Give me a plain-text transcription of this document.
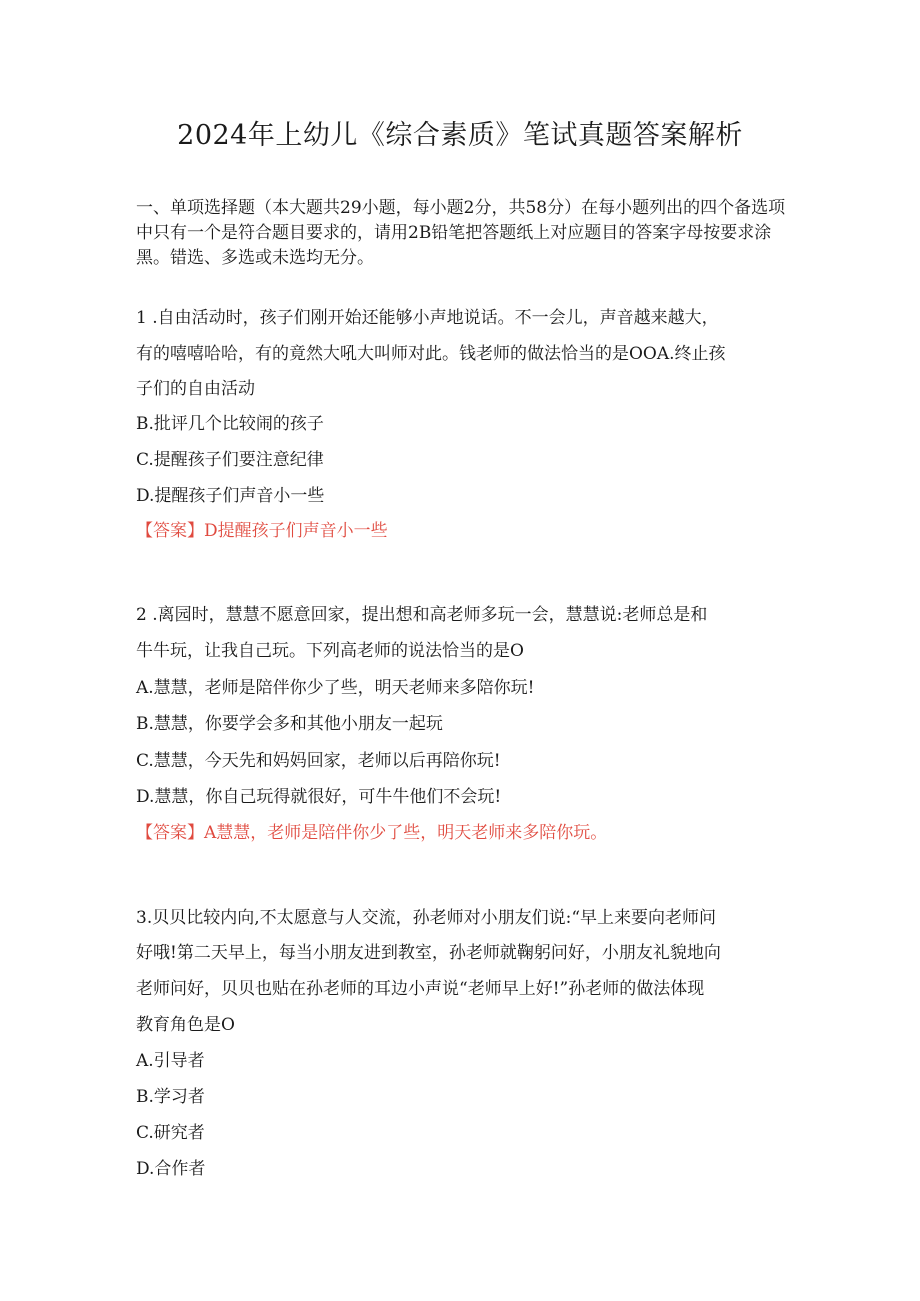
2024年上幼儿《综合素质》笔试真题答案解析
一、单项选择题（本大题共29小题，每小题2分，共58分）在每小题列出的四个备选项中只有一个是符合题目要求的，请用2B铅笔把答题纸上对应题目的答案字母按要求涂黑。错选、多选或未选均无分。
1 .自由活动时，孩子们刚开始还能够小声地说话。不一会儿，声音越来越大，
有的嘻嘻哈哈，有的竟然大吼大叫师对此。钱老师的做法恰当的是OOA.终止孩
子们的自由活动
B.批评几个比较闹的孩子
C.提醒孩子们要注意纪律
D.提醒孩子们声音小一些
【答案】D提醒孩子们声音小一些
2 .离园时，慧慧不愿意回家，提出想和高老师多玩一会，慧慧说:老师总是和
牛牛玩，让我自己玩。下列高老师的说法恰当的是O
A.慧慧，老师是陪伴你少了些，明天老师来多陪你玩!
B.慧慧，你要学会多和其他小朋友一起玩
C.慧慧，今天先和妈妈回家，老师以后再陪你玩!
D.慧慧，你自己玩得就很好，可牛牛他们不会玩!
【答案】A慧慧，老师是陪伴你少了些，明天老师来多陪你玩。
3.贝贝比较内向,不太愿意与人交流，孙老师对小朋友们说:“早上来要向老师问
好哦!第二天早上，每当小朋友进到教室，孙老师就鞠躬问好，小朋友礼貌地向
老师问好，贝贝也贴在孙老师的耳边小声说“老师早上好!”孙老师的做法体现
教育角色是O
A.引导者
B.学习者
C.研究者
D.合作者
